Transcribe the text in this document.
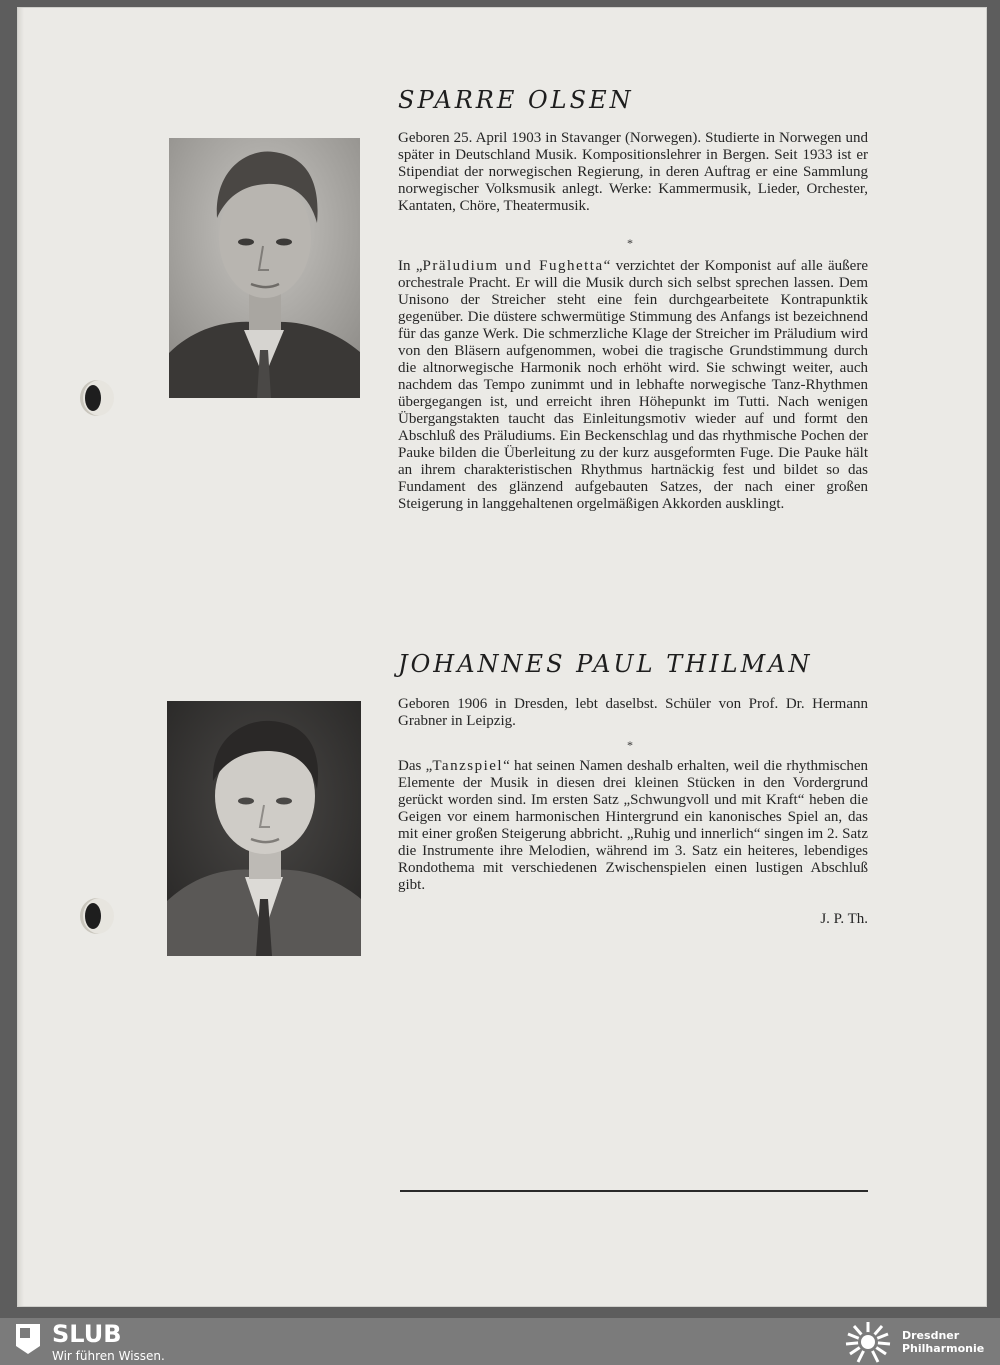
SPARRE OLSEN

Geboren 25. April 1903 in Stavanger (Norwegen). Studierte in Norwegen und später in Deutschland Musik. Kompositionslehrer in Bergen. Seit 1933 ist er Stipendiat der norwegischen Regierung, in deren Auftrag er eine Sammlung norwegischer Volksmusik anlegt. Werke: Kammermusik, Lieder, Orchester, Kantaten, Chöre, Theatermusik.

*

In „Präludium und Fughetta“ verzichtet der Komponist auf alle äußere orchestrale Pracht. Er will die Musik durch sich selbst sprechen lassen. Dem Unisono der Streicher steht eine fein durchgearbeitete Kontrapunktik gegenüber. Die düstere schwermütige Stimmung des Anfangs ist bezeichnend für das ganze Werk. Die schmerzliche Klage der Streicher im Präludium wird von den Bläsern aufgenommen, wobei die tragische Grundstimmung durch die altnorwegische Harmonik noch erhöht wird. Sie schwingt weiter, auch nachdem das Tempo zunimmt und in lebhafte norwegische Tanz-Rhythmen übergegangen ist, und erreicht ihren Höhepunkt im Tutti. Nach wenigen Übergangstakten taucht das Einleitungsmotiv wieder auf und formt den Abschluß des Präludiums. Ein Beckenschlag und das rhythmische Pochen der Pauke bilden die Überleitung zu der kurz ausgeformten Fuge. Die Pauke hält an ihrem charakteristischen Rhythmus hartnäckig fest und bildet so das Fundament des glänzend aufgebauten Satzes, der nach einer großen Steigerung in langgehaltenen orgelmäßigen Akkorden ausklingt.

JOHANNES PAUL THILMAN

Geboren 1906 in Dresden, lebt daselbst. Schüler von Prof. Dr. Hermann Grabner in Leipzig.

*

Das „Tanzspiel“ hat seinen Namen deshalb erhalten, weil die rhythmischen Elemente der Musik in diesen drei kleinen Stücken in den Vordergrund gerückt worden sind. Im ersten Satz „Schwungvoll und mit Kraft“ heben die Geigen vor einem harmonischen Hintergrund ein kanonisches Spiel an, das mit einer großen Steigerung abbricht. „Ruhig und innerlich“ singen im 2. Satz die Instrumente ihre Melodien, während im 3. Satz ein heiteres, lebendiges Rondothema mit verschiedenen Zwischenspielen einen lustigen Abschluß gibt.

J. P. Th.
SLUB
Wir führen Wissen.
Dresdner
Philharmonie
